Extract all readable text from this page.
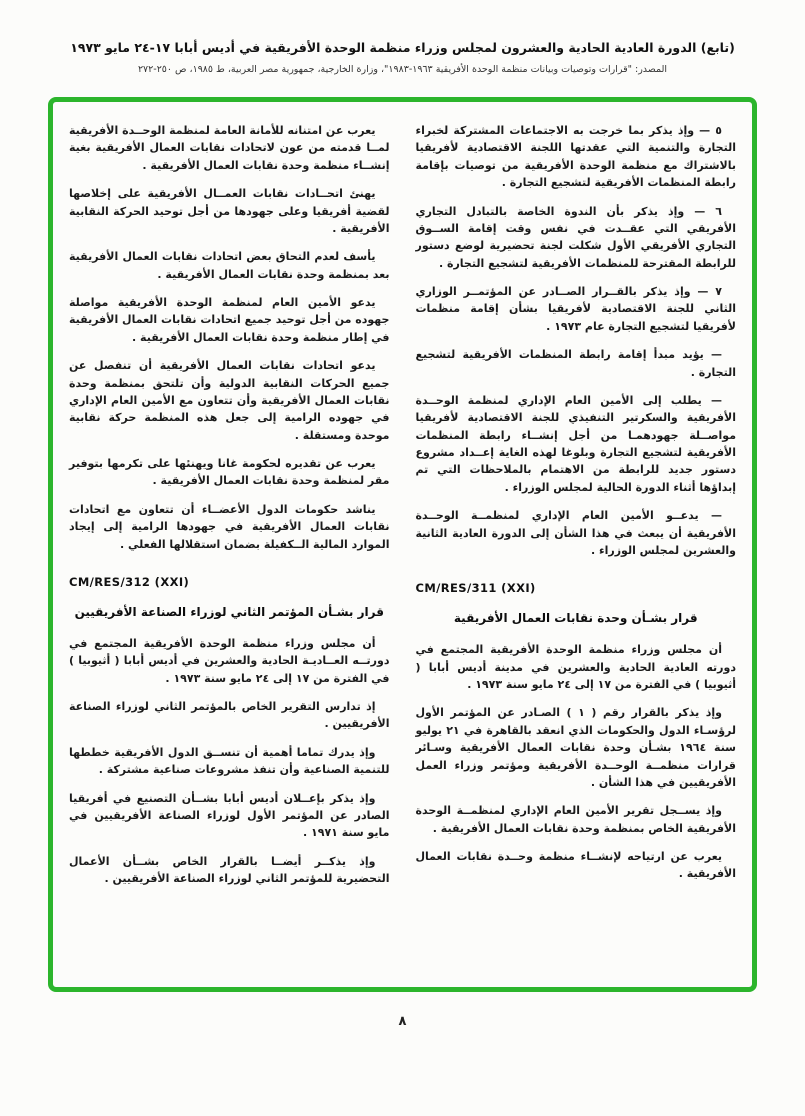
(تابع) الدورة العادية الحادية والعشرون لمجلس وزراء منظمة الوحدة الأفريقية في أديس أبابا ١٧-٢٤ مايو ١٩٧٣
المصدر: "قرارات وتوصيات وبيانات منظمة الوحدة الأفريقية ١٩٦٣-١٩٨٣"، وزارة الخارجية، جمهورية مصر العربية، ط ١٩٨٥، ص ٢٥٠-٢٧٢

٥ — وإذ يذكر بما خرجت به الاجتماعات المشتركة لخبراء التجارة والتنمية التي عقدتها اللجنة الاقتصادية لأفريقيا بالاشتراك مع منظمة الوحدة الأفريقية من توصيات بإقامة رابطة المنظمات الأفريقية لتشجيع التجارة .

٦ — وإذ يذكر بأن الندوة الخاصة بالتبادل التجاري الأفريقي التي عقــدت في نفس وقت إقامة الســوق التجاري الأفريقي الأول شكلت لجنة تحضيرية لوضع دستور للرابطة المقترحة للمنظمات الأفريقية لتشجيع التجارة .

٧ — وإذ يذكر بالقــرار الصــادر عن المؤتمــر الوزاري الثاني للجنة الاقتصادية لأفريقيا بشأن إقامة منظمات لأفريقيا لتشجيع التجارة عام ١٩٧٣ .

— يؤيد مبدأ إقامة رابطة المنظمات الأفريقية لتشجيع التجارة .

— يطلب إلى الأمين العام الإداري لمنظمة الوحــدة الأفريقية والسكرتير التنفيذي للجنة الاقتصادية لأفريقيا مواصــلة جهودهمـا من أجل إنشــاء رابطة المنظمات الأفريقية لتشجيع التجارة وبلوغا لهذه الغاية إعــداد مشروع دستور جديد للرابطة من الاهتمام بالملاحظات التي تم إبداؤها أثناء الدورة الحالية لمجلس الوزراء .

— يدعــو الأمين العام الإداري لمنظمــة الوحــدة الأفريقية أن يبعث في هذا الشأن إلى الدورة العادية الثانية والعشرين لمجلس الوزراء .

CM/RES/311 (XXI)
قرار بشـأن وحدة نقابات العمال الأفريقية

أن مجلس وزراء منظمة الوحدة الأفريقية المجتمع في دورته العادية الحادية والعشرين في مدينة أديس أبابا ( أثيوبيا ) في الفترة من ١٧ إلى ٢٤ مايو سنة ١٩٧٣ .

وإذ يذكر بالقرار رقم ( ١ ) الصـادر عن المؤتمر الأول لرؤسـاء الدول والحكومات الذي انعقد بالقاهرة في ٢١ يوليو سنة ١٩٦٤ بشـأن وحدة نقابات العمال الأفريقية وسـائر قرارات منظمــة الوحــدة الأفريقية ومؤتمر وزراء العمل الأفريقيين في هذا الشأن .

وإذ يســجل تقرير الأمين العام الإداري لمنظمــة الوحدة الأفريقية الخاص بمنظمة وحدة نقابات العمال الأفريقية .

يعرب عن ارتياحه لإنشــاء منظمة وحــدة نقابات العمال الأفريقية .

يعرب عن امتنانه للأمانة العامة لمنظمة الوحــدة الأفريقية لمــا قدمته من عون لاتحادات نقابات العمال الأفريقية بغية إنشــاء منظمة وحدة نقابات العمال الأفريقية .

يهنئ اتحــادات نقابات العمــال الأفريقية على إخلاصها لقضية أفريقيا وعلى جهودها من أجل توحيد الحركة النقابية الأفريقية .

يأسف لعدم التحاق بعض اتحادات نقابات العمال الأفريقية بعد بمنظمة وحدة نقابات العمال الأفريقية .

يدعو الأمين العام لمنظمة الوحدة الأفريقية مواصلة جهوده من أجل توحيد جميع اتحادات نقابات العمال الأفريقية في إطار منظمة وحدة نقابات العمال الأفريقية .

يدعو اتحادات نقابات العمال الأفريقية أن تنفصل عن جميع الحركات النقابية الدولية وأن تلتحق بمنظمة وحدة نقابات العمال الأفريقية وأن تتعاون مع الأمين العام الإداري في جهوده الرامية إلى جعل هذه المنظمة حركة نقابية موحدة ومستقلة .

يعرب عن تقديره لحكومة غانا ويهنئها على تكرمها بتوفير مقر لمنظمة وحدة نقابات العمال الأفريقية .

يناشد حكومات الدول الأعضــاء أن تتعاون مع اتحادات نقابات العمال الأفريقية في جهودها الرامية إلى إيجاد الموارد المالية الــكفيلة بضمان استقلالها الفعلي .

CM/RES/312 (XXI)
قرار بشـأن المؤتمر الثاني لوزراء الصناعة الأفريقيين

أن مجلس وزراء منظمة الوحدة الأفريقية المجتمع في دورتــه العــاديـة الحادية والعشرين في أديس أبابا ( أثيوبيا ) في الفترة من ١٧ إلى ٢٤ مايو سنة ١٩٧٣ .

إذ تدارس التقرير الخاص بالمؤتمر الثاني لوزراء الصناعة الأفريقيين .

وإذ يدرك تماما أهمية أن تنســق الدول الأفريقية خططها للتنمية الصناعية وأن تنفذ مشروعات صناعية مشتركة .

وإذ يذكر بإعــلان أديس أبابا بشــأن التصنيع في أفريقيا الصادر عن المؤتمر الأول لوزراء الصناعة الأفريقيين في مايو سنة ١٩٧١ .

وإذ يذكــر أيضــا بالقرار الخاص بشــأن الأعمال التحضيرية للمؤتمر الثاني لوزراء الصناعة الأفريقيين .

٨
